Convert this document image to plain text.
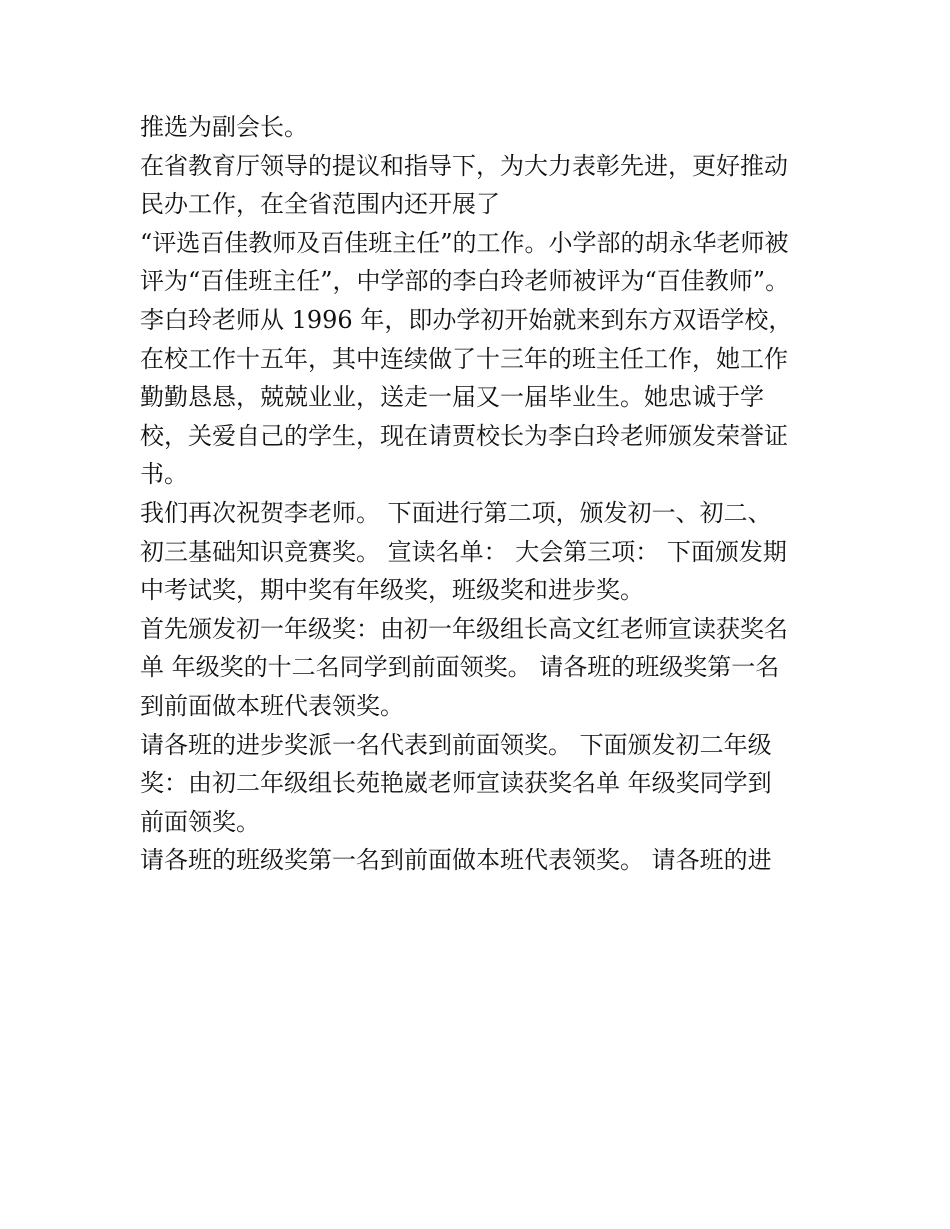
推选为副会长。
在省教育厅领导的提议和指导下，为大力表彰先进，更好推动
民办工作，在全省范围内还开展了
“评选百佳教师及百佳班主任”的工作。小学部的胡永华老师被
评为“百佳班主任”，中学部的李白玲老师被评为“百佳教师”。
李白玲老师从 1996 年，即办学初开始就来到东方双语学校，
在校工作十五年，其中连续做了十三年的班主任工作，她工作
勤勤恳恳，兢兢业业，送走一届又一届毕业生。她忠诚于学
校，关爱自己的学生，现在请贾校长为李白玲老师颁发荣誉证
书。
我们再次祝贺李老师。 下面进行第二项，颁发初一、初二、
初三基础知识竞赛奖。 宣读名单： 大会第三项： 下面颁发期
中考试奖，期中奖有年级奖，班级奖和进步奖。
首先颁发初一年级奖：由初一年级组长高文红老师宣读获奖名
单 年级奖的十二名同学到前面领奖。 请各班的班级奖第一名
到前面做本班代表领奖。
请各班的进步奖派一名代表到前面领奖。 下面颁发初二年级
奖：由初二年级组长苑艳崴老师宣读获奖名单 年级奖同学到
前面领奖。
请各班的班级奖第一名到前面做本班代表领奖。 请各班的进
